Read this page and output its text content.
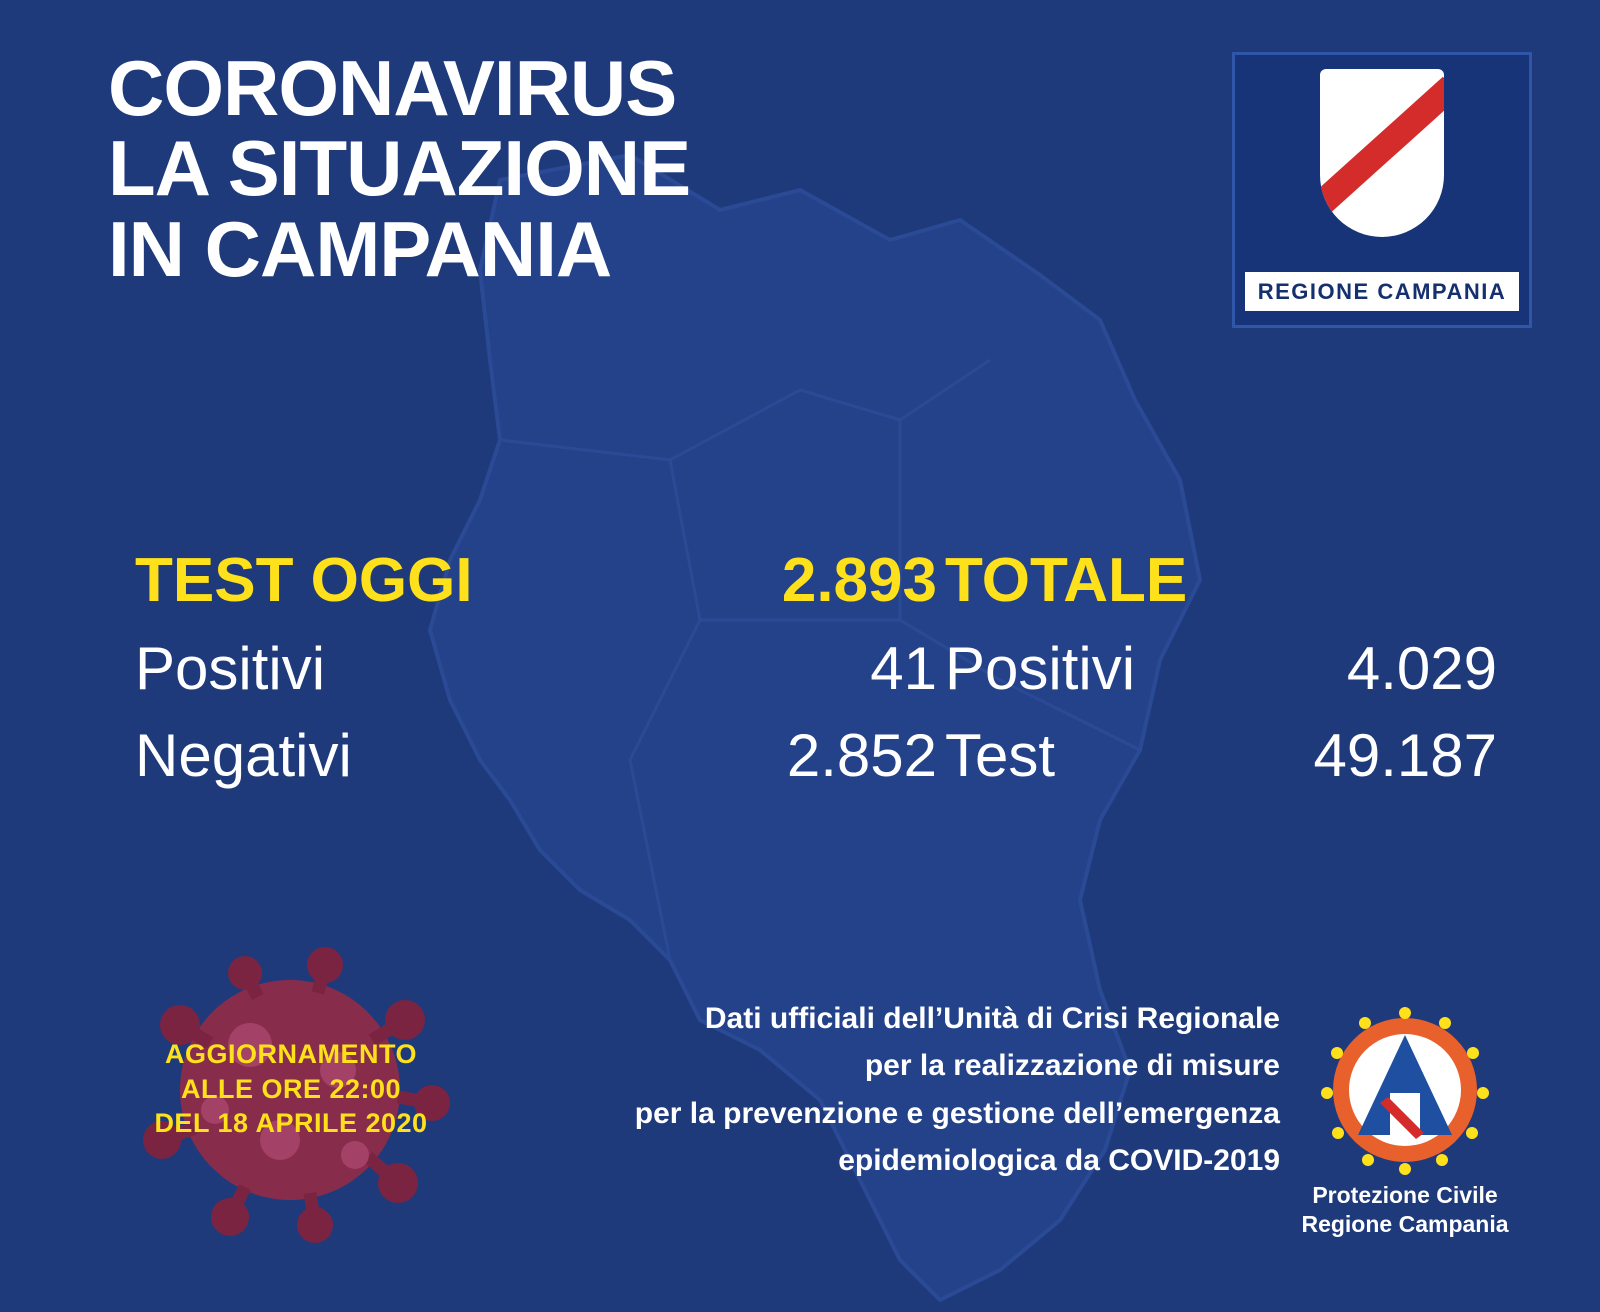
CORONAVIRUS
LA SITUAZIONE
IN CAMPANIA	REGIONE CAMPANIA
TEST OGGI	2.893 TOTALE
Positivi	41 Positivi	4.029
Negativi	2.852 Test	49.187
AGGIORNAMENTO
ALLE ORE 22:00
DEL 18 APRILE 2020
Dati ufficiali dell’Unità di Crisi Regionale
per la realizzazione di misure
per la prevenzione e gestione dell’emergenza
epidemiologica da COVID-2019
Protezione Civile
Regione Campania
